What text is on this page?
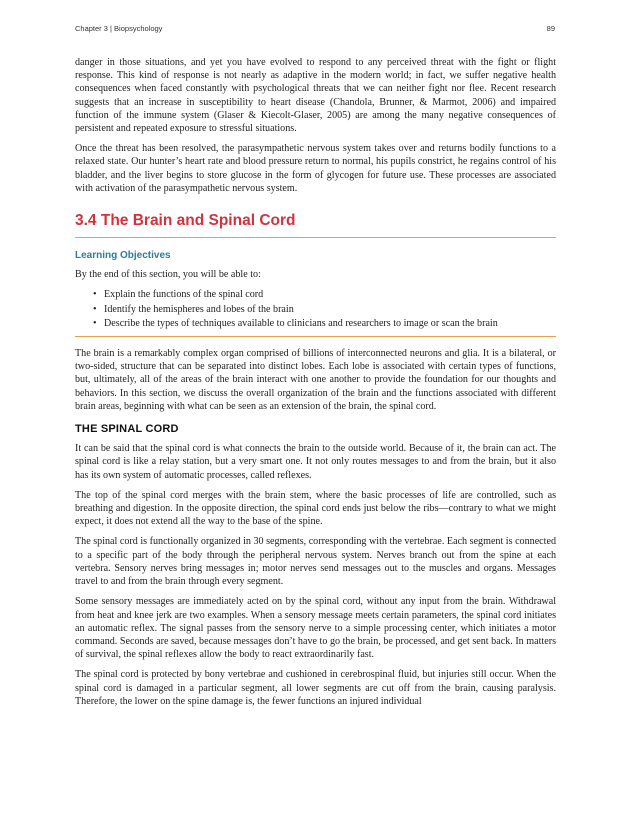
Chapter 3 | Biopsychology	89

danger in those situations, and yet you have evolved to respond to any perceived threat with the fight or flight response. This kind of response is not nearly as adaptive in the modern world; in fact, we suffer negative health consequences when faced constantly with psychological threats that we can neither fight nor flee. Recent research suggests that an increase in susceptibility to heart disease (Chandola, Brunner, & Marmot, 2006) and impaired function of the immune system (Glaser & Kiecolt-Glaser, 2005) are among the many negative consequences of persistent and repeated exposure to stressful situations.

Once the threat has been resolved, the parasympathetic nervous system takes over and returns bodily functions to a relaxed state. Our hunter’s heart rate and blood pressure return to normal, his pupils constrict, he regains control of his bladder, and the liver begins to store glucose in the form of glycogen for future use. These processes are associated with activation of the parasympathetic nervous system.

3.4 The Brain and Spinal Cord
Learning Objectives

By the end of this section, you will be able to:

• Explain the functions of the spinal cord
• Identify the hemispheres and lobes of the brain
• Describe the types of techniques available to clinicians and researchers to image or scan the brain

The brain is a remarkably complex organ comprised of billions of interconnected neurons and glia. It is a bilateral, or two-sided, structure that can be separated into distinct lobes. Each lobe is associated with certain types of functions, but, ultimately, all of the areas of the brain interact with one another to provide the foundation for our thoughts and behaviors. In this section, we discuss the overall organization of the brain and the functions associated with different brain areas, beginning with what can be seen as an extension of the brain, the spinal cord.

THE SPINAL CORD

It can be said that the spinal cord is what connects the brain to the outside world. Because of it, the brain can act. The spinal cord is like a relay station, but a very smart one. It not only routes messages to and from the brain, but it also has its own system of automatic processes, called reflexes.

The top of the spinal cord merges with the brain stem, where the basic processes of life are controlled, such as breathing and digestion. In the opposite direction, the spinal cord ends just below the ribs—contrary to what we might expect, it does not extend all the way to the base of the spine.

The spinal cord is functionally organized in 30 segments, corresponding with the vertebrae. Each segment is connected to a specific part of the body through the peripheral nervous system. Nerves branch out from the spine at each vertebra. Sensory nerves bring messages in; motor nerves send messages out to the muscles and organs. Messages travel to and from the brain through every segment.

Some sensory messages are immediately acted on by the spinal cord, without any input from the brain. Withdrawal from heat and knee jerk are two examples. When a sensory message meets certain parameters, the spinal cord initiates an automatic reflex. The signal passes from the sensory nerve to a simple processing center, which initiates a motor command. Seconds are saved, because messages don’t have to go the brain, be processed, and get sent back. In matters of survival, the spinal reflexes allow the body to react extraordinarily fast.

The spinal cord is protected by bony vertebrae and cushioned in cerebrospinal fluid, but injuries still occur. When the spinal cord is damaged in a particular segment, all lower segments are cut off from the brain, causing paralysis. Therefore, the lower on the spine damage is, the fewer functions an injured individual
